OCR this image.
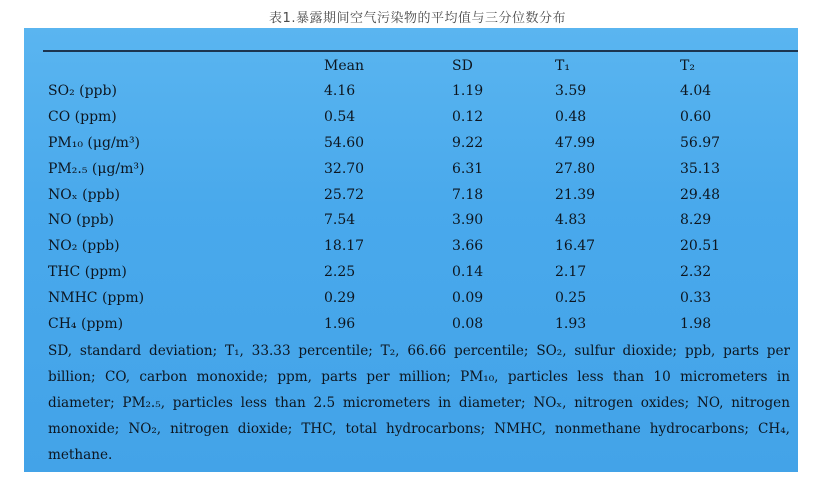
表1.暴露期间空气污染物的平均值与三分位数分布
	Mean	SD	T₁	T₂
SO₂ (ppb)	4.16	1.19	3.59	4.04
CO (ppm)	0.54	0.12	0.48	0.60
PM₁₀ (μg/m³)	54.60	9.22	47.99	56.97
PM₂.₅ (μg/m³)	32.70	6.31	27.80	35.13
NOₓ (ppb)	25.72	7.18	21.39	29.48
NO (ppb)	7.54	3.90	4.83	8.29
NO₂ (ppb)	18.17	3.66	16.47	20.51
THC (ppm)	2.25	0.14	2.17	2.32
NMHC (ppm)	0.29	0.09	0.25	0.33
CH₄ (ppm)	1.96	0.08	1.93	1.98
SD, standard deviation; T₁, 33.33 percentile; T₂, 66.66 percentile; SO₂, sulfur dioxide; ppb, parts per billion; CO, carbon monoxide; ppm, parts per million; PM₁₀, particles less than 10 micrometers in diameter; PM₂.₅, particles less than 2.5 micrometers in diameter; NOₓ, nitrogen oxides; NO, nitrogen monoxide; NO₂, nitrogen dioxide; THC, total hydrocarbons; NMHC, nonmethane hydrocarbons; CH₄, methane.
